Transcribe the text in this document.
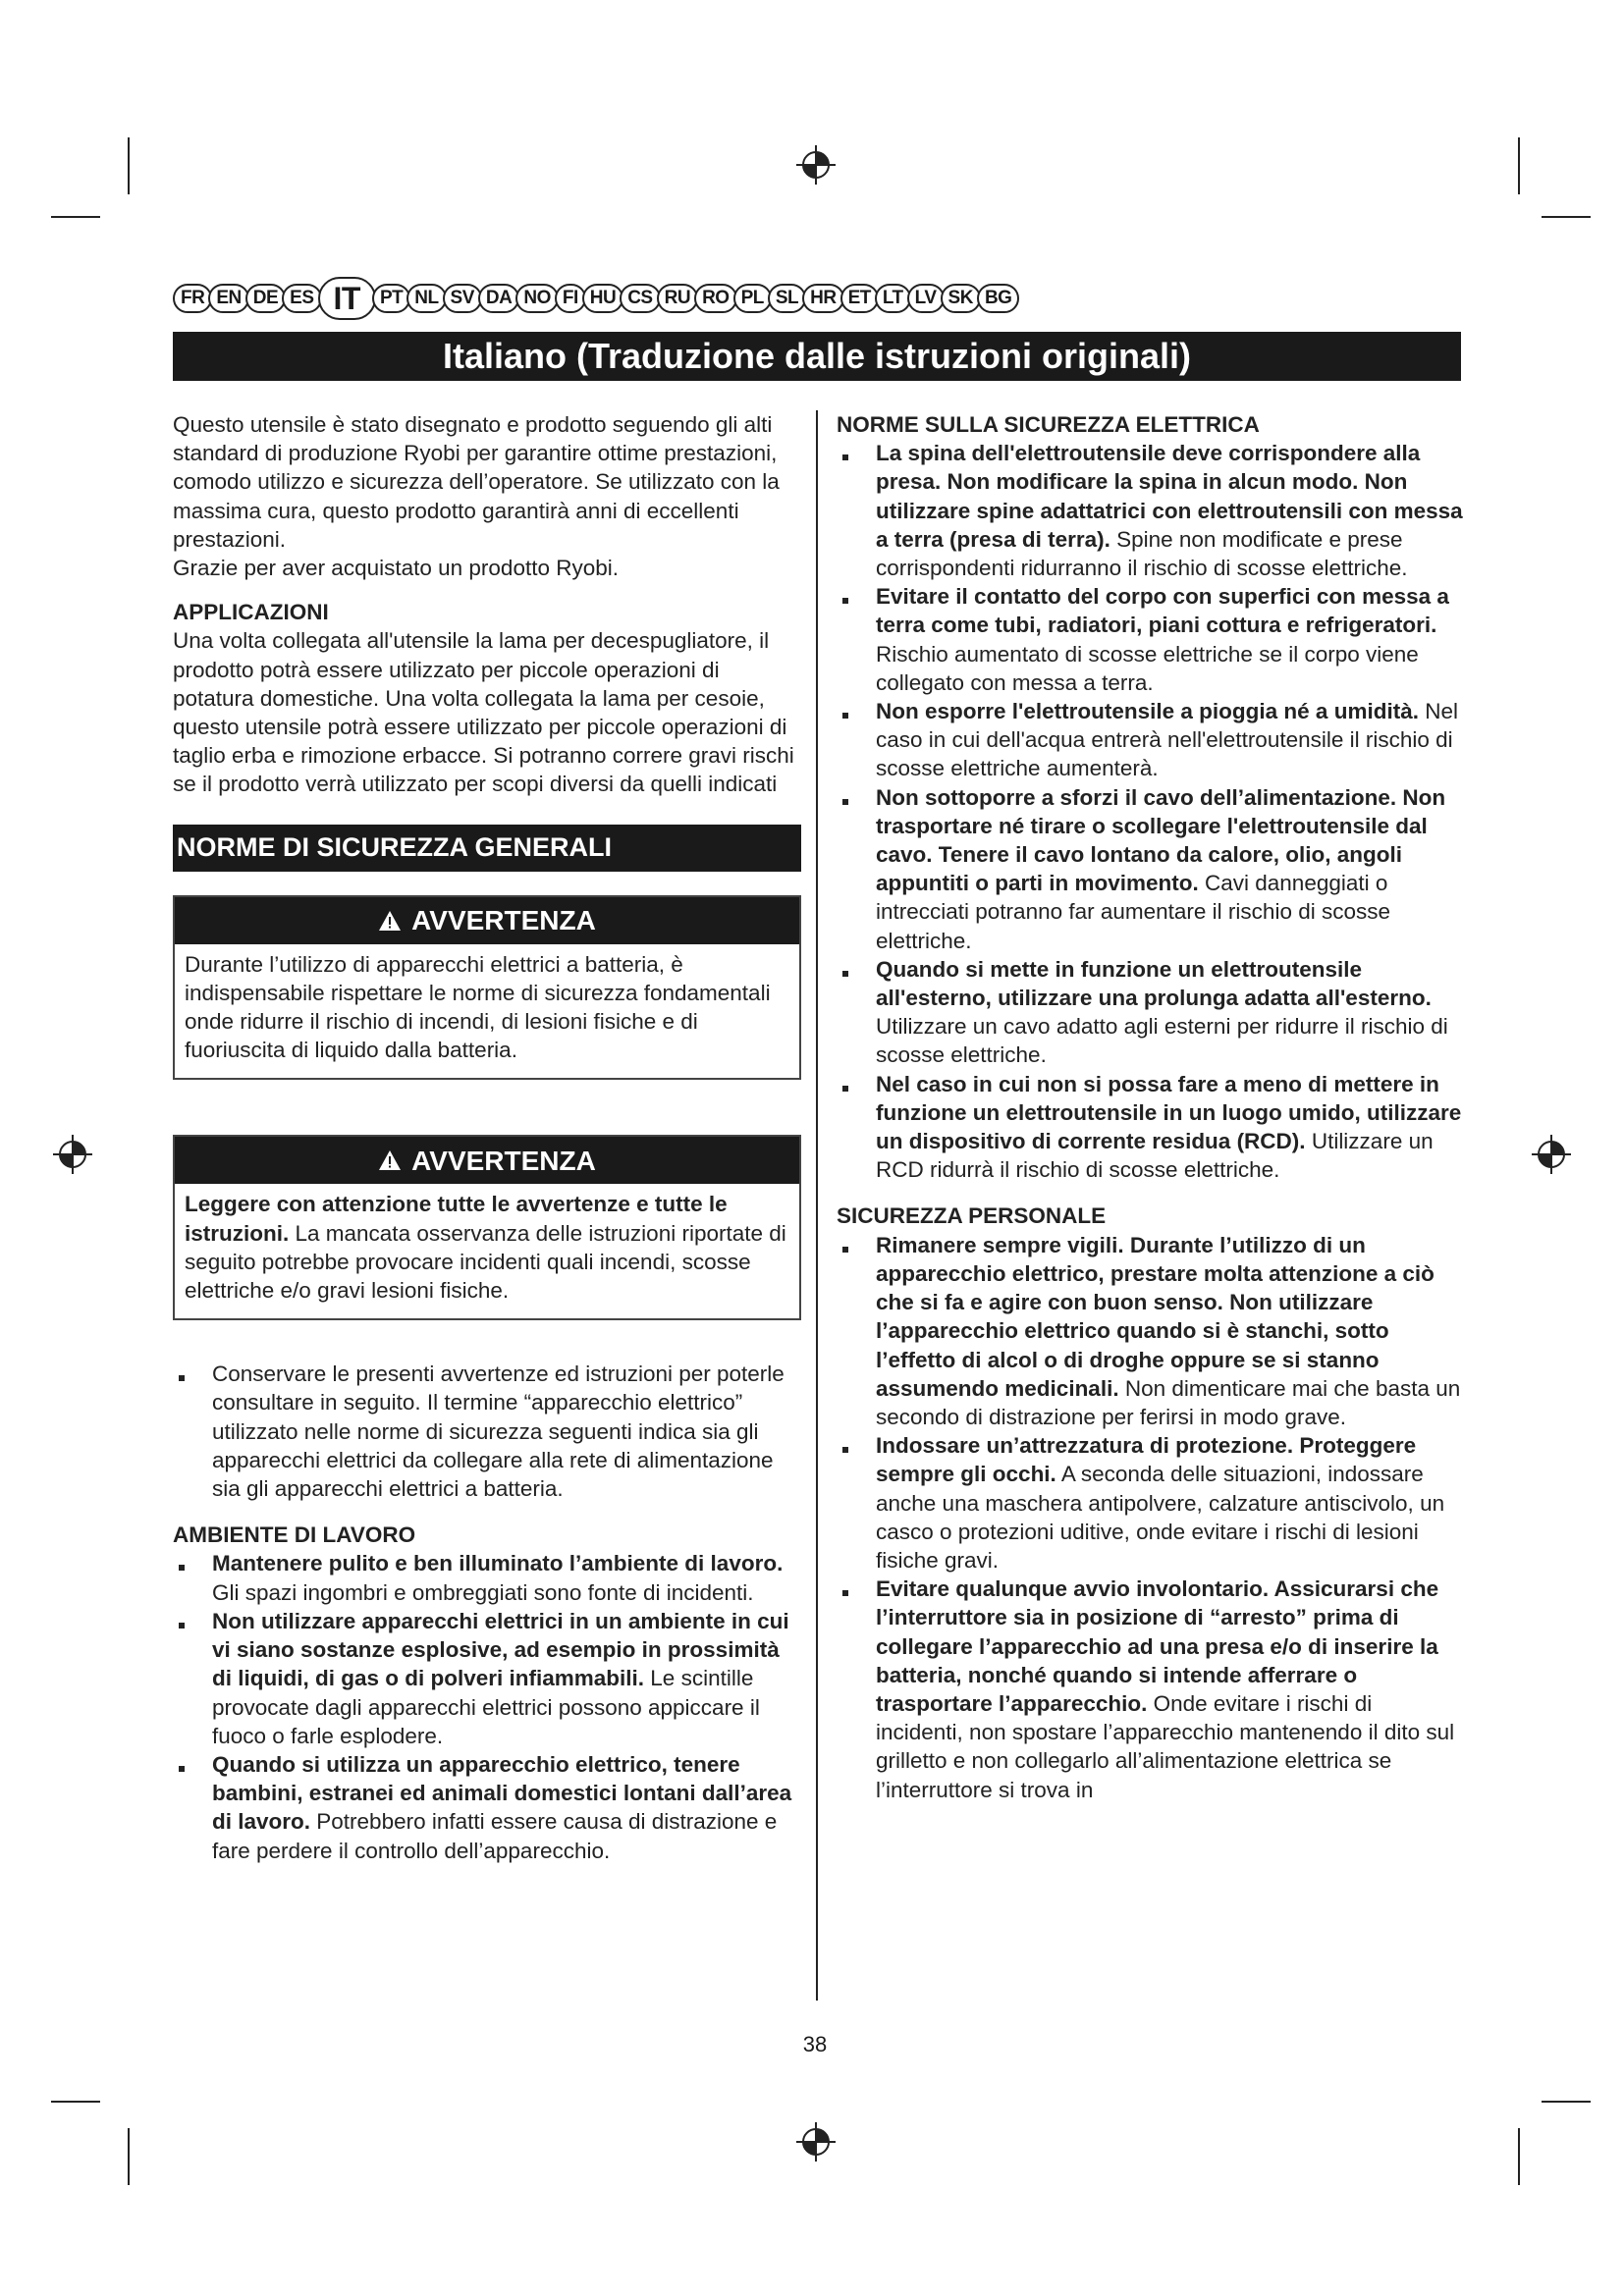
FR EN DE ES IT	PT NL SV DA NO FI HU CS RU RO PL SL HR ET LT LV SK BG
Italiano (Traduzione dalle istruzioni originali)

Questo utensile è stato disegnato e prodotto seguendo gli alti standard di produzione Ryobi per garantire ottime prestazioni, comodo utilizzo e sicurezza dell’operatore. Se utilizzato con la massima cura, questo prodotto garantirà anni di eccellenti prestazioni.

Grazie per aver acquistato un prodotto Ryobi.

APPLICAZIONI

Una volta collegata all'utensile la lama per decespugliatore, il prodotto potrà essere utilizzato per piccole operazioni di potatura domestiche. Una volta collegata la lama per cesoie, questo utensile potrà essere utilizzato per piccole operazioni di taglio erba e rimozione erbacce. Si potranno correre gravi rischi se il prodotto verrà utilizzato per scopi diversi da quelli indicati

NORME DI SICUREZZA GENERALI
AVVERTENZA
Durante l’utilizzo di apparecchi elettrici a batteria, è indispensabile rispettare le norme di sicurezza fondamentali onde ridurre il rischio di incendi, di lesioni fisiche e di fuoriuscita di liquido dalla batteria.
AVVERTENZA
Leggere con attenzione tutte le avvertenze e tutte le istruzioni. La mancata osservanza delle istruzioni riportate di seguito potrebbe provocare incidenti quali incendi, scosse elettriche e/o gravi lesioni fisiche.

Conservare le presenti avvertenze ed istruzioni per poterle consultare in seguito. Il termine “apparecchio elettrico” utilizzato nelle norme di sicurezza seguenti indica sia gli apparecchi elettrici da collegare alla rete di alimentazione sia gli apparecchi elettrici a batteria.

AMBIENTE DI LAVORO

Mantenere pulito e ben illuminato l’ambiente di lavoro. Gli spazi ingombri e ombreggiati sono fonte di incidenti.

Non utilizzare apparecchi elettrici in un ambiente in cui vi siano sostanze esplosive, ad esempio in prossimità di liquidi, di gas o di polveri infiammabili. Le scintille provocate dagli apparecchi elettrici possono appiccare il fuoco o farle esplodere.

Quando si utilizza un apparecchio elettrico, tenere bambini, estranei ed animali domestici lontani dall’area di lavoro. Potrebbero infatti essere causa di distrazione e fare perdere il controllo dell’apparecchio.

NORME SULLA SICUREZZA ELETTRICA

La spina dell'elettroutensile deve corrispondere alla presa. Non modificare la spina in alcun modo. Non utilizzare spine adattatrici con elettroutensili con messa a terra (presa di terra). Spine non modificate e prese corrispondenti ridurranno il rischio di scosse elettriche.

Evitare il contatto del corpo con superfici con messa a terra come tubi, radiatori, piani cottura e refrigeratori. Rischio aumentato di scosse elettriche se il corpo viene collegato con messa a terra.

Non esporre l'elettroutensile a pioggia né a umidità. Nel caso in cui dell'acqua entrerà nell'elettroutensile il rischio di scosse elettriche aumenterà.

Non sottoporre a sforzi il cavo dell’alimentazione. Non trasportare né tirare o scollegare l'elettroutensile dal cavo. Tenere il cavo lontano da calore, olio, angoli appuntiti o parti in movimento. Cavi danneggiati o intrecciati potranno far aumentare il rischio di scosse elettriche.

Quando si mette in funzione un elettroutensile all'esterno, utilizzare una prolunga adatta all'esterno. Utilizzare un cavo adatto agli esterni per ridurre il rischio di scosse elettriche.

Nel caso in cui non si possa fare a meno di mettere in funzione un elettroutensile in un luogo umido, utilizzare un dispositivo di corrente residua (RCD). Utilizzare un RCD ridurrà il rischio di scosse elettriche.

SICUREZZA PERSONALE

Rimanere sempre vigili. Durante l’utilizzo di un apparecchio elettrico, prestare molta attenzione a ciò che si fa e agire con buon senso. Non utilizzare l’apparecchio elettrico quando si è stanchi, sotto l’effetto di alcol o di droghe oppure se si stanno assumendo medicinali. Non dimenticare mai che basta un secondo di distrazione per ferirsi in modo grave.

Indossare un’attrezzatura di protezione. Proteggere sempre gli occhi. A seconda delle situazioni, indossare anche una maschera antipolvere, calzature antiscivolo, un casco o protezioni uditive, onde evitare i rischi di lesioni fisiche gravi.

Evitare qualunque avvio involontario. Assicurarsi che l’interruttore sia in posizione di “arresto” prima di collegare l’apparecchio ad una presa e/o di inserire la batteria, nonché quando si intende afferrare o trasportare l’apparecchio. Onde evitare i rischi di incidenti, non spostare l’apparecchio mantenendo il dito sul grilletto e non collegarlo all’alimentazione elettrica se l’interruttore si trova in

38
